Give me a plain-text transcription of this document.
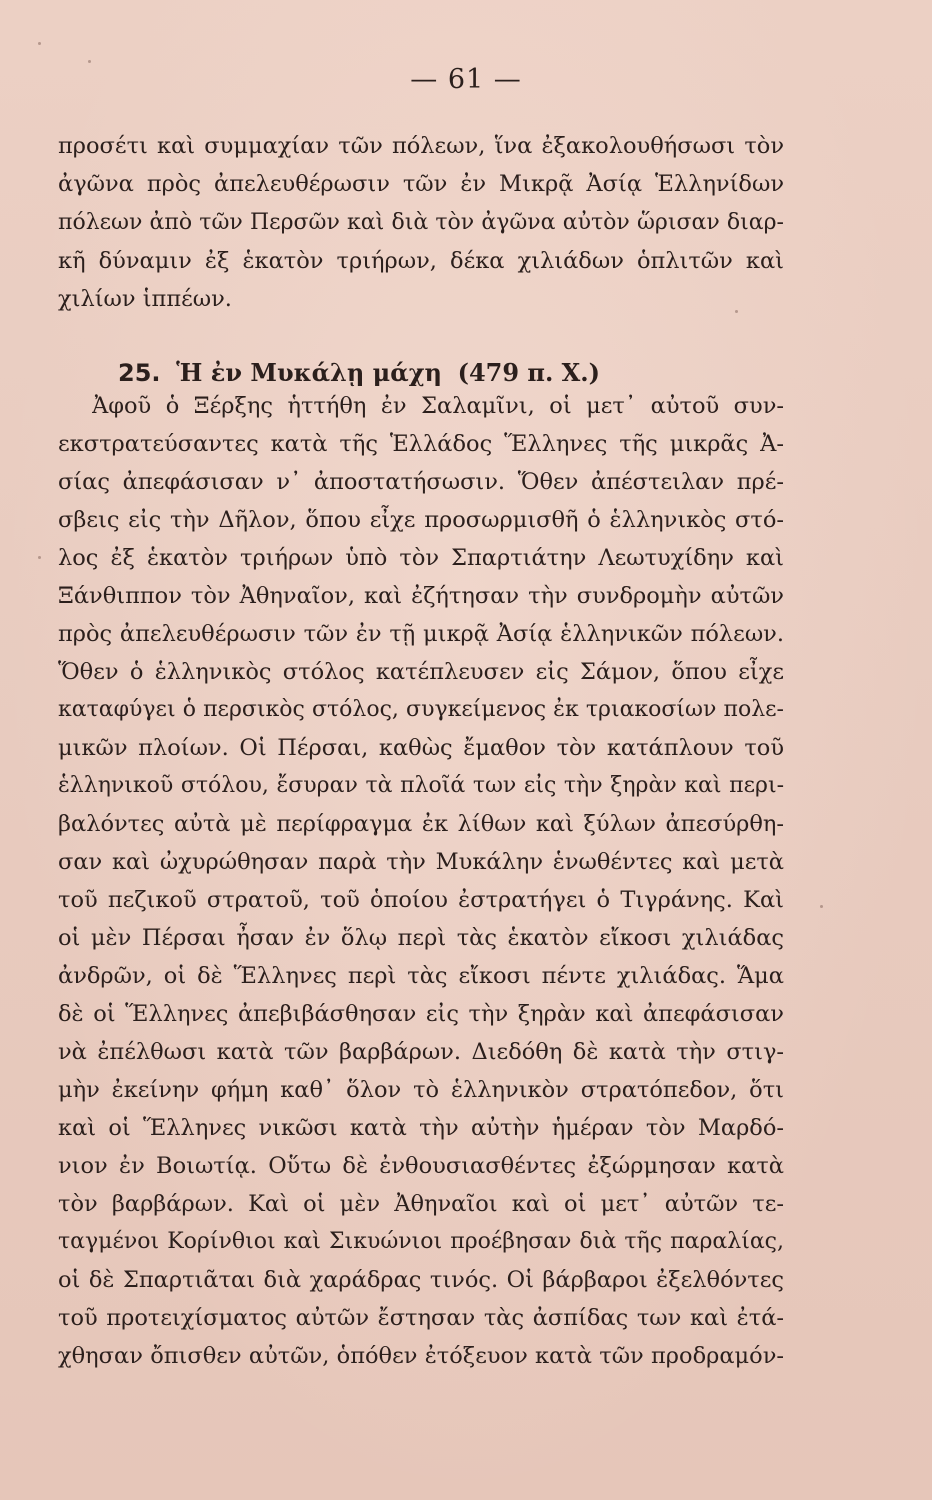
— 61 —
προσέτι καὶ συμμαχίαν τῶν πόλεων, ἵνα ἐξακολουθήσωσι τὸν
ἀγῶνα πρὸς ἀπελευθέρωσιν τῶν ἐν Μικρᾷ Ἀσίᾳ Ἑλληνίδων
πόλεων ἀπὸ τῶν Περσῶν καὶ διὰ τὸν ἀγῶνα αὐτὸν ὥρισαν διαρ-
κῆ δύναμιν ἐξ ἑκατὸν τριήρων, δέκα χιλιάδων ὁπλιτῶν καὶ
χιλίων ἱππέων.
25. Ἡ ἐν Μυκάλῃ μάχη (479 π. Χ.)
Ἀφοῦ ὁ Ξέρξης ἡττήθη ἐν Σαλαμῖνι, οἱ μετ᾽ αὐτοῦ συν-
εκστρατεύσαντες κατὰ τῆς Ἑλλάδος Ἕλληνες τῆς μικρᾶς Ἀ-
σίας ἀπεφάσισαν ν᾽ ἀποστατήσωσιν. Ὅθεν ἀπέστειλαν πρέ-
σβεις εἰς τὴν Δῆλον, ὅπου εἶχε προσωρμισθῆ ὁ ἑλληνικὸς στό-
λος ἐξ ἑκατὸν τριήρων ὑπὸ τὸν Σπαρτιάτην Λεωτυχίδην καὶ
Ξάνθιππον τὸν Ἀθηναῖον, καὶ ἐζήτησαν τὴν συνδρομὴν αὐτῶν
πρὸς ἀπελευθέρωσιν τῶν ἐν τῇ μικρᾷ Ἀσίᾳ ἑλληνικῶν πόλεων.
Ὅθεν ὁ ἑλληνικὸς στόλος κατέπλευσεν εἰς Σάμον, ὅπου εἶχε
καταφύγει ὁ περσικὸς στόλος, συγκείμενος ἐκ τριακοσίων πολε-
μικῶν πλοίων. Οἱ Πέρσαι, καθὼς ἔμαθον τὸν κατάπλουν τοῦ
ἑλληνικοῦ στόλου, ἔσυραν τὰ πλοῖά των εἰς τὴν ξηρὰν καὶ περι-
βαλόντες αὐτὰ μὲ περίφραγμα ἐκ λίθων καὶ ξύλων ἀπεσύρθη-
σαν καὶ ὠχυρώθησαν παρὰ τὴν Μυκάλην ἑνωθέντες καὶ μετὰ
τοῦ πεζικοῦ στρατοῦ, τοῦ ὁποίου ἐστρατήγει ὁ Τιγράνης. Καὶ
οἱ μὲν Πέρσαι ἦσαν ἐν ὅλῳ περὶ τὰς ἑκατὸν εἴκοσι χιλιάδας
ἀνδρῶν, οἱ δὲ Ἕλληνες περὶ τὰς εἴκοσι πέντε χιλιάδας. Ἅμα
δὲ οἱ Ἕλληνες ἀπεβιβάσθησαν εἰς τὴν ξηρὰν καὶ ἀπεφάσισαν
νὰ ἐπέλθωσι κατὰ τῶν βαρβάρων. Διεδόθη δὲ κατὰ τὴν στιγ-
μὴν ἐκείνην φήμη καθ᾽ ὅλον τὸ ἑλληνικὸν στρατόπεδον, ὅτι
καὶ οἱ Ἕλληνες νικῶσι κατὰ τὴν αὐτὴν ἡμέραν τὸν Μαρδό-
νιον ἐν Βοιωτίᾳ. Οὕτω δὲ ἐνθουσιασθέντες ἐξώρμησαν κατὰ
τὸν βαρβάρων. Καὶ οἱ μὲν Ἀθηναῖοι καὶ οἱ μετ᾽ αὐτῶν τε-
ταγμένοι Κορίνθιοι καὶ Σικυώνιοι προέβησαν διὰ τῆς παραλίας,
οἱ δὲ Σπαρτιᾶται διὰ χαράδρας τινός. Οἱ βάρβαροι ἐξελθόντες
τοῦ προτειχίσματος αὐτῶν ἔστησαν τὰς ἀσπίδας των καὶ ἐτά-
χθησαν ὄπισθεν αὐτῶν, ὁπόθεν ἐτόξευον κατὰ τῶν προδραμόν-
